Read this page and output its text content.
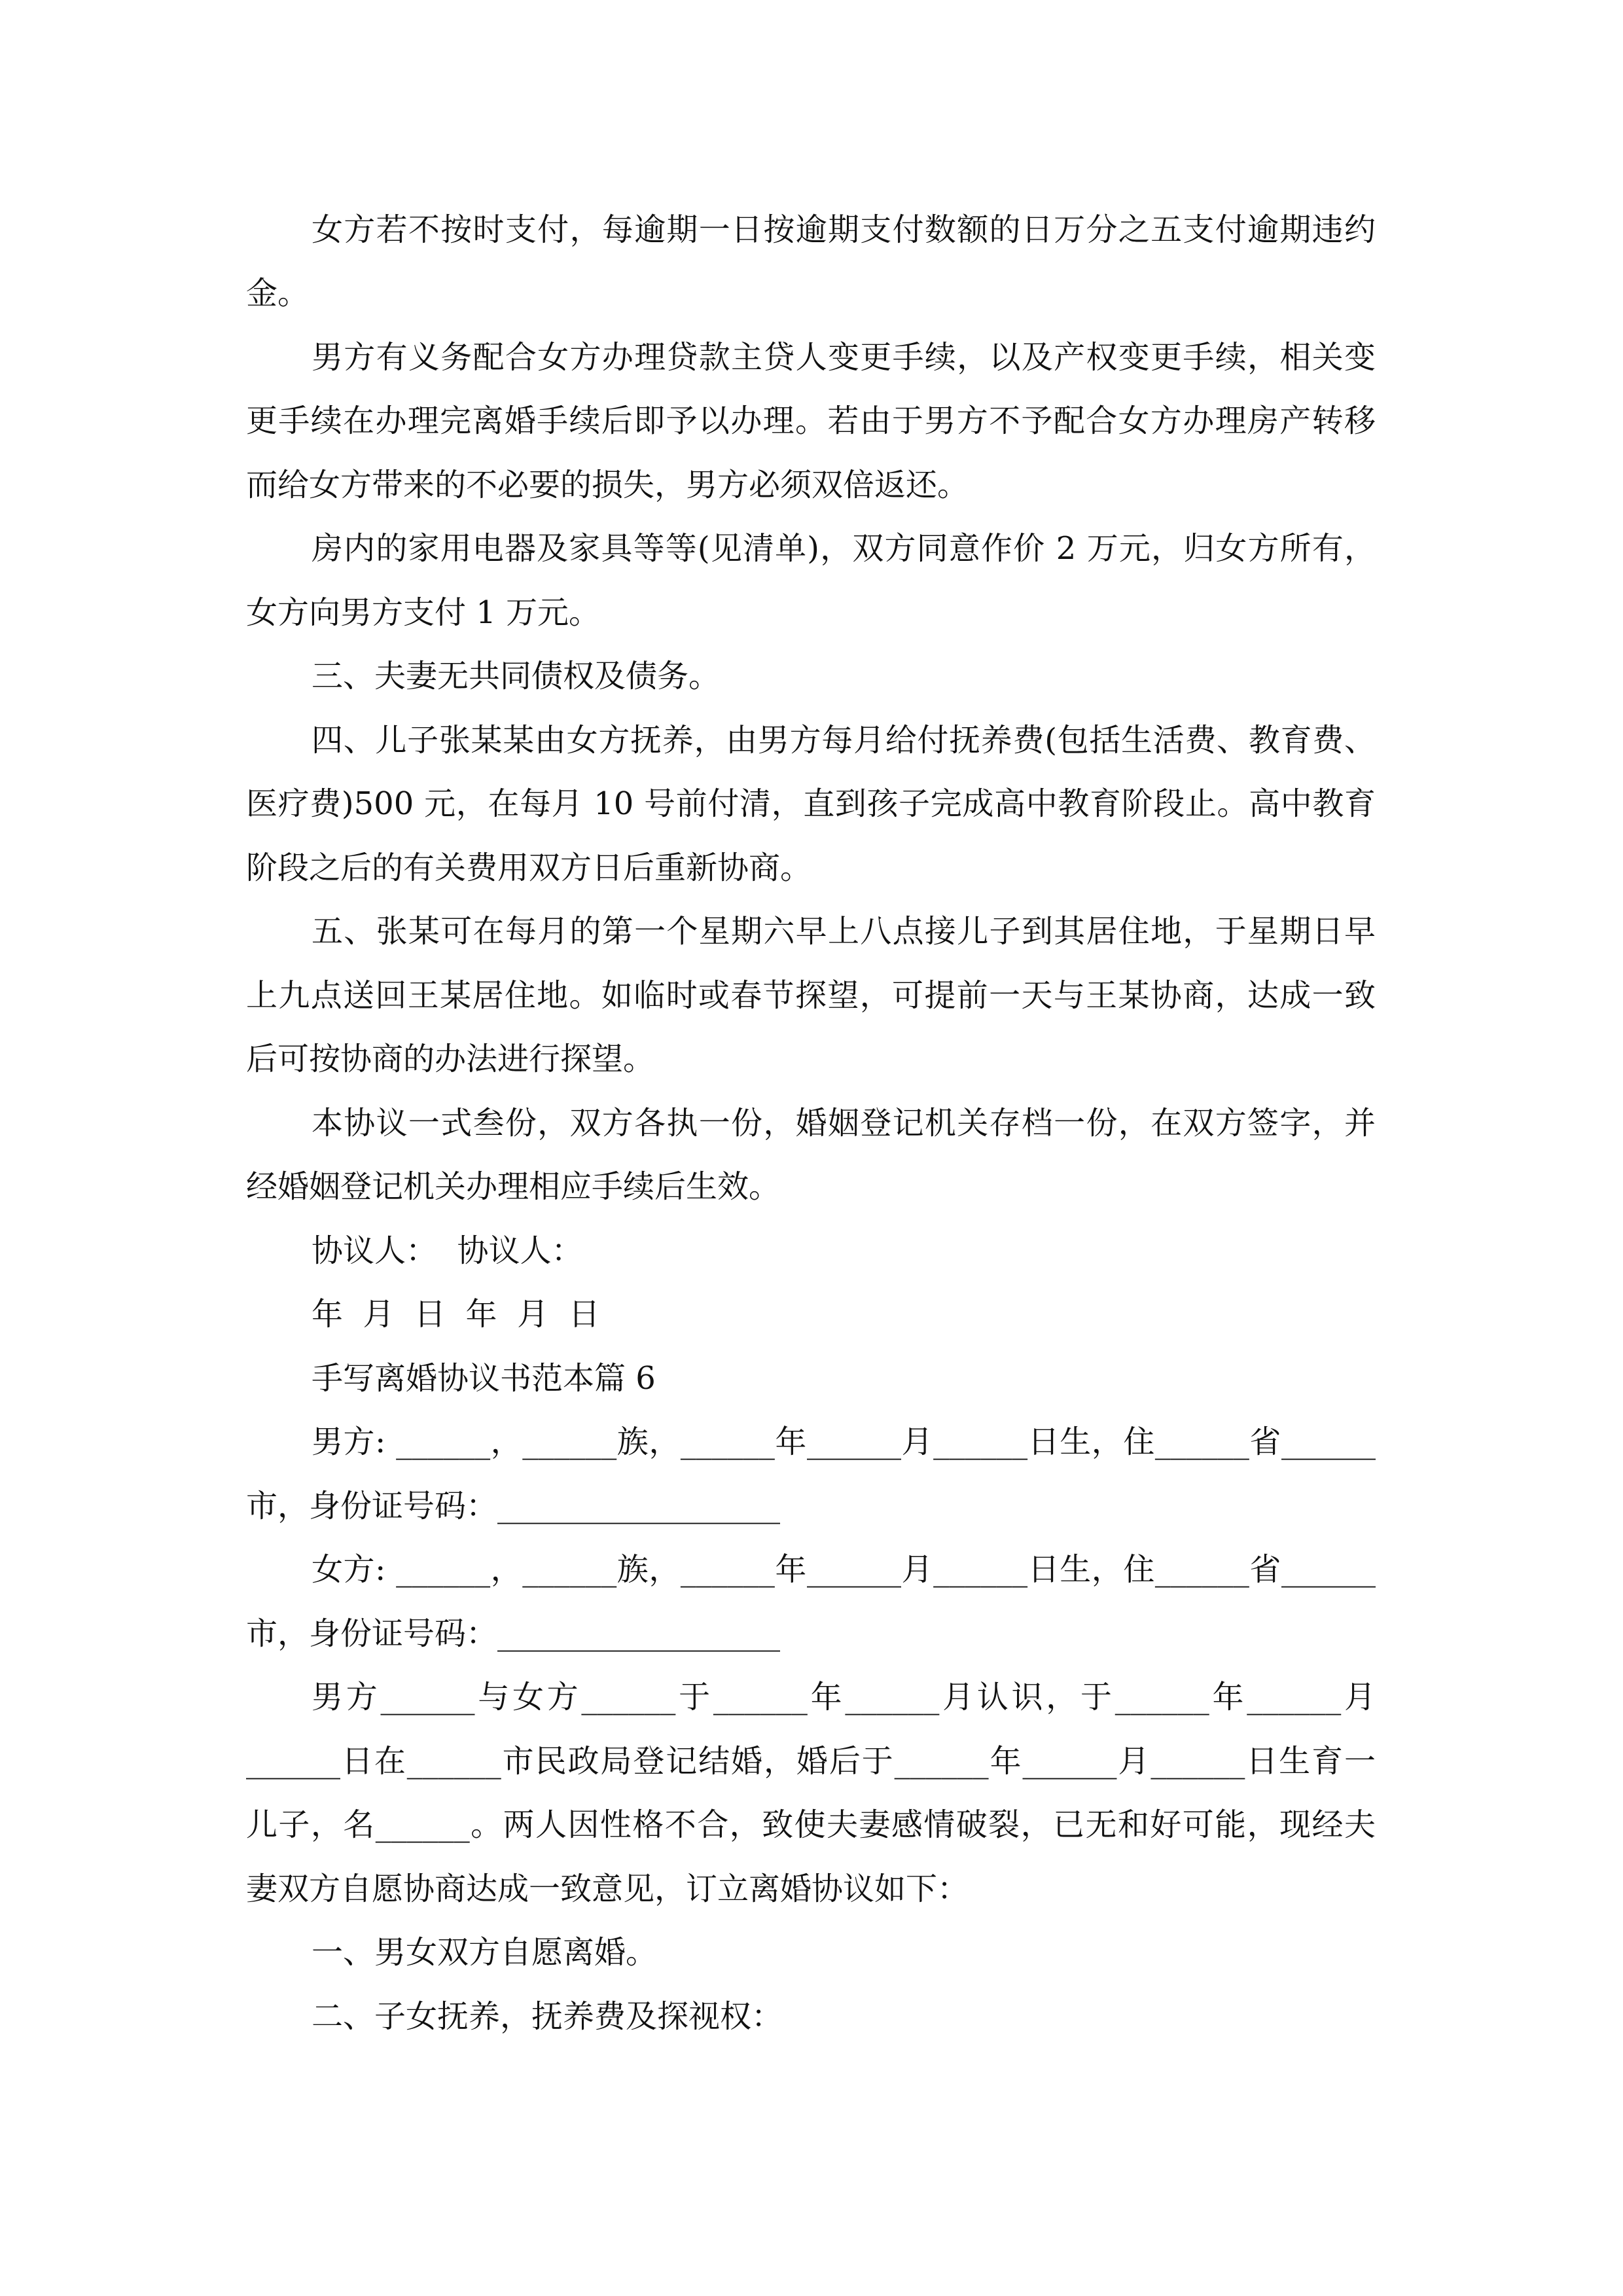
女方若不按时支付，每逾期一日按逾期支付数额的日万分之五支付逾期违约
金。
男方有义务配合女方办理贷款主贷人变更手续，以及产权变更手续，相关变
更手续在办理完离婚手续后即予以办理。若由于男方不予配合女方办理房产转移
而给女方带来的不必要的损失，男方必须双倍返还。
房内的家用电器及家具等等(见清单)，双方同意作价 2 万元，归女方所有，
女方向男方支付 1 万元。
三、夫妻无共同债权及债务。
四、儿子张某某由女方抚养，由男方每月给付抚养费(包括生活费、教育费、
医疗费)500 元，在每月 10 号前付清，直到孩子完成高中教育阶段止。高中教育
阶段之后的有关费用双方日后重新协商。
五、张某可在每月的第一个星期六早上八点接儿子到其居住地，于星期日早
上九点送回王某居住地。如临时或春节探望，可提前一天与王某协商，达成一致
后可按协商的办法进行探望。
本协议一式叁份，双方各执一份，婚姻登记机关存档一份，在双方签字，并
经婚姻登记机关办理相应手续后生效。
协议人：  协议人：
年  月  日  年  月  日
手写离婚协议书范本篇 6
男方: ______，______族，______年______月______日生，住______省______
市，身份证号码：__________________
女方: ______，______族，______年______月______日生，住______省______
市，身份证号码：__________________
男方______与女方______于______年______月认识，于______年______月
______日在______市民政局登记结婚，婚后于______年______月______日生育一
儿子，名______。两人因性格不合，致使夫妻感情破裂，已无和好可能，现经夫
妻双方自愿协商达成一致意见，订立离婚协议如下：
一、男女双方自愿离婚。
二、子女抚养，抚养费及探视权：
